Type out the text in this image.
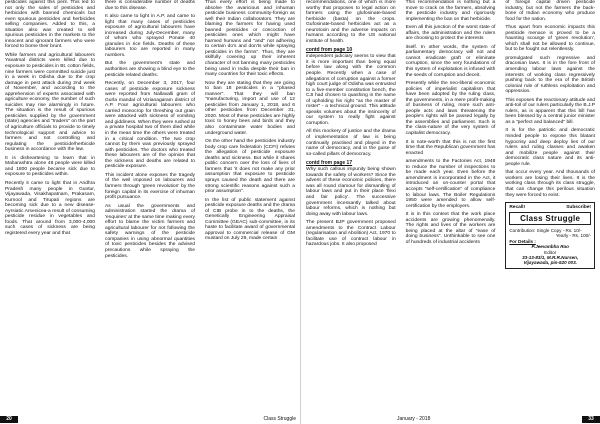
pesticides against this peril. This led to not only the sales of pesticides and herbicides with banned chemicals but even spurious pesticides and herbicides selling companies. Added to this, a situation also was created to sell spurious pesticides in the markets to the innocent and ignorant farmers who were forced to borne their brunt.

While farmers and agricultural labourers Yavatmal districts were killed due to exposure to pesticides in Bt. cotton fields, nine farmers were committed suicide just in a week in Odisha due to the crop damage in pest attack during 2nd week of November, and according to the apprehension of experts associated with agriculture economy, the number of such suicides may rise alarmingly in future. The situation is the result of spurious pesticides supplied by the government (state) agencies and "traders" on the part of agriculture officials to provide to timely technological support and advice to farmers and not controlling and regulating the pesticide/herbicide business in accordance with the law.

It is disheartening to learn that in Maharashtra alone 48 people were killed and 1800 people became sick due to exposure to pesticides within.

Recently it came to light that in Andhra Pradesh many people in Guntur, Vijayawada, Visakhapatnam, Prakasam, Kurnool and Tirupati regions are becoming sick due to a new disease-Ayrsiatic Arsenicea-a result of consuming pesticide residue in vegetables and foods. That around from 3,000-4,000 such cases of sickness are being registered every year and that

there is considerable number of deaths due to this disease.

It also came to light in A.P, and came to light that many cases of pesticides exposure of agricultural labourers have increased during July-December, many of whom who sprayed Ponate 40 granules in rice fields. Deaths of these labourers too are reported in many numbers.

But the government's state and authorities are showing a blind eye to the pesticide related deaths.

Recently, on December 3, 2017, four cases of pesticide exposure sickness were reported from Nallavalli gram of Gurla mandal of Vizianagaram district of A.P. Four agricultural labourers who carried monocrop for threshing out grain were attacked with sickness of vomiting and giddiness. When they were rushed at a private hospital two of them died while in the mean time the others were treated in a critical condition. The two crop cannot by them was previously sprayed with pesticides. The doctors who treated these labourers are of the opinion that the sickness and deaths are related to pesticide exposure.

This incident alone exposes the tragedy of the weil imposed on labourers and farmers through 'green revolution' by the foreign capital in its exercise of inhuman profit pursuance.

As usual the governments and administration started the drama of 'enquiries' at the same time making every effort to blame the victim farmers and agricultural labourer for not following the safety warnings of the pesticide companies in using abnormal quantities of toxic pesticides besides the advised precautions while spraying the pesticides.

Thus every effort is being made to absolve the avaricious and inhuman pesticide business community-foreign as well their Indian collaborators. They are blaming the farmers for having used banned pesticides or concoction of pesticides ones which might have harmed humans and "and" not adhering to certain do's and don'ts while spraying pesticides in the farms". Thus, they are skilfully covering up their inherent character of not banning many pesticides being used in India despite their ban in many countries for their toxic effects.

Now they are stating that they are going to ban 18 pesticides in a "phased manner". That they will ban "manufacturing, import and use of 12 pesticides from January 1, 2018, and 6 other pesticides from December 31, 2020. Most of these pesticides are highly toxic to honey bees and birds and they also contaminate water bodies and underground water.

On the other hand the pesticides industry body crop care federation (CCFI) refutes the allegation of pesticide exposure deaths and sickness. But while it shares public concern over the loss of lives of farmers that 'it does not make any prior assumption that exposure to pesticide sprays caused the death and there are strong scientific reasons against such a prior assumption".

In the list of public statement against pesticide exposure deaths and the drama of CIB probe in to the deaths, the Genetically Engineering Appraisal Committee (GEAC) sub-committee, in its haste to facilitate award of governmental approval to commercial release of GM mustard on July 29, made certain

20	Class Struggle

recommendations, one of which is more worthy that proposes to legal action on farmers using the glufosinate-based herbicide (basta) on the crops. Gufosinate-based herbicides act as a neurotoxin and the adverse impacts on humans according to the US national institute of health.

contd from page 10

independent judiciary seems to view that it is more important than being equal before law along with the common people. Recently when a case of allegations of corruption against a former high court judge of Odisha was entrusted to a five-member constitution bench, the CJI had chosen to quashing in the name of upholding his right "as the master of roster" - a technical ground. This attitude speaks volumes about the insincerity of our system to really fight against corruption.

All this mockery of justice and the drama of implementation of law is being continually practised and played in the name of democracy, and in the guise of so-called pillars of democracy.

contd from page 17

Why such callous impunity being shown towards the safety of workers? Since the advent of these economic policies, there was all round clamour for dismantling of labour laws and put in their place 'flexi and fair policy'. The successive government incessantly talked about labour reforms, which is nothing but doing away with labour laws.

The present BJP government proposed amendments to the Contract Labour (regularisation and Abolition) Act, 1970 to facilitate use of contract labour in hazardous jobs. It also proposed

This recommendation is nothing but a move to crack on the farmers, absolving the pesticide industry and rigorously implementing the ban on that herbicide.

Even all this junction of the worst state of affairs, the administration and the rulers are choosing to protect the interests

itself. In other words, the system of parliamentary democracy will not and cannot eradicate graft or eliminate corruption, since the very foundations of this system of exploitation is infused with the seeds of corruption and deceit.

Presently while the neo-liberal economic policies of imperialist capitalism that have been adopted by the ruling class, the governments, in a mere profit-making of business of ruling, more such anti-people acts and laws threatening the people's rights will be passed legally by the assemblies and parliament. Such is the class-nature of the very system of capitalist democracy.

It is note-worth that this is not the first time that the Republican government has enacted

amendments to the Factories Act, 1948 to reduce the number of inspections to be made each year. Even before the amendment is incorporated in the Act, it introduced an on-counter portal that accepts "self-certification" of compliance to labour laws. The Boiler Regulations 1950 were amended to allow self-certification by the employers.

It is in this context that the work place accidents are growing phenomenally. The rights and lives of the workers are being placed at the altar of "ease of doing business". Unthinkable to see one of hundreds of industrial accidents

of foreign capital driven pesticide industry, but not the farmers the back-bone of Indian economy who produce food for the nation.

Thus apart from economic impacts this pesticide menace is proved to be a haunting scourge of 'green revolution', which shall not be allowed to continue, but to be fought out relentlessly.

promulgated such regressive and draconian laws. It is in the fore front of amending labour laws against the interests of working class regressively pushing back to the era of the British colonial rule of ruthless exploitation and oppression.

This exposes the reactionary attitude and anti-toil of our rulers particularly the B.J.P rulers, as is apparent that this bill has been blessed by a central junior minister as a "perfect and balanced" bill.

It is for the patriotic and democratic minded people to expose this blatant hypocrisy and deep deploy lies of our rulers and ruling classes and awaken and mobilize people against their democratic class nature and its anti-people rule.

that occur every year. And thousands of workers are losing their lives. It is the working class through its class struggle, that can change this perilous situation they were forced to exist.

Recall!	Subscribe!
Class Struggle
Contribution: Single Copy - Rs. 10/-
Yearly - Rs. 100/-
For Details :
P.Jeevanbha Rao
Editor
33-13-83/1, M.R.R.Nursen,
Vijayawada, pin-520 003.
January - 2018	33
